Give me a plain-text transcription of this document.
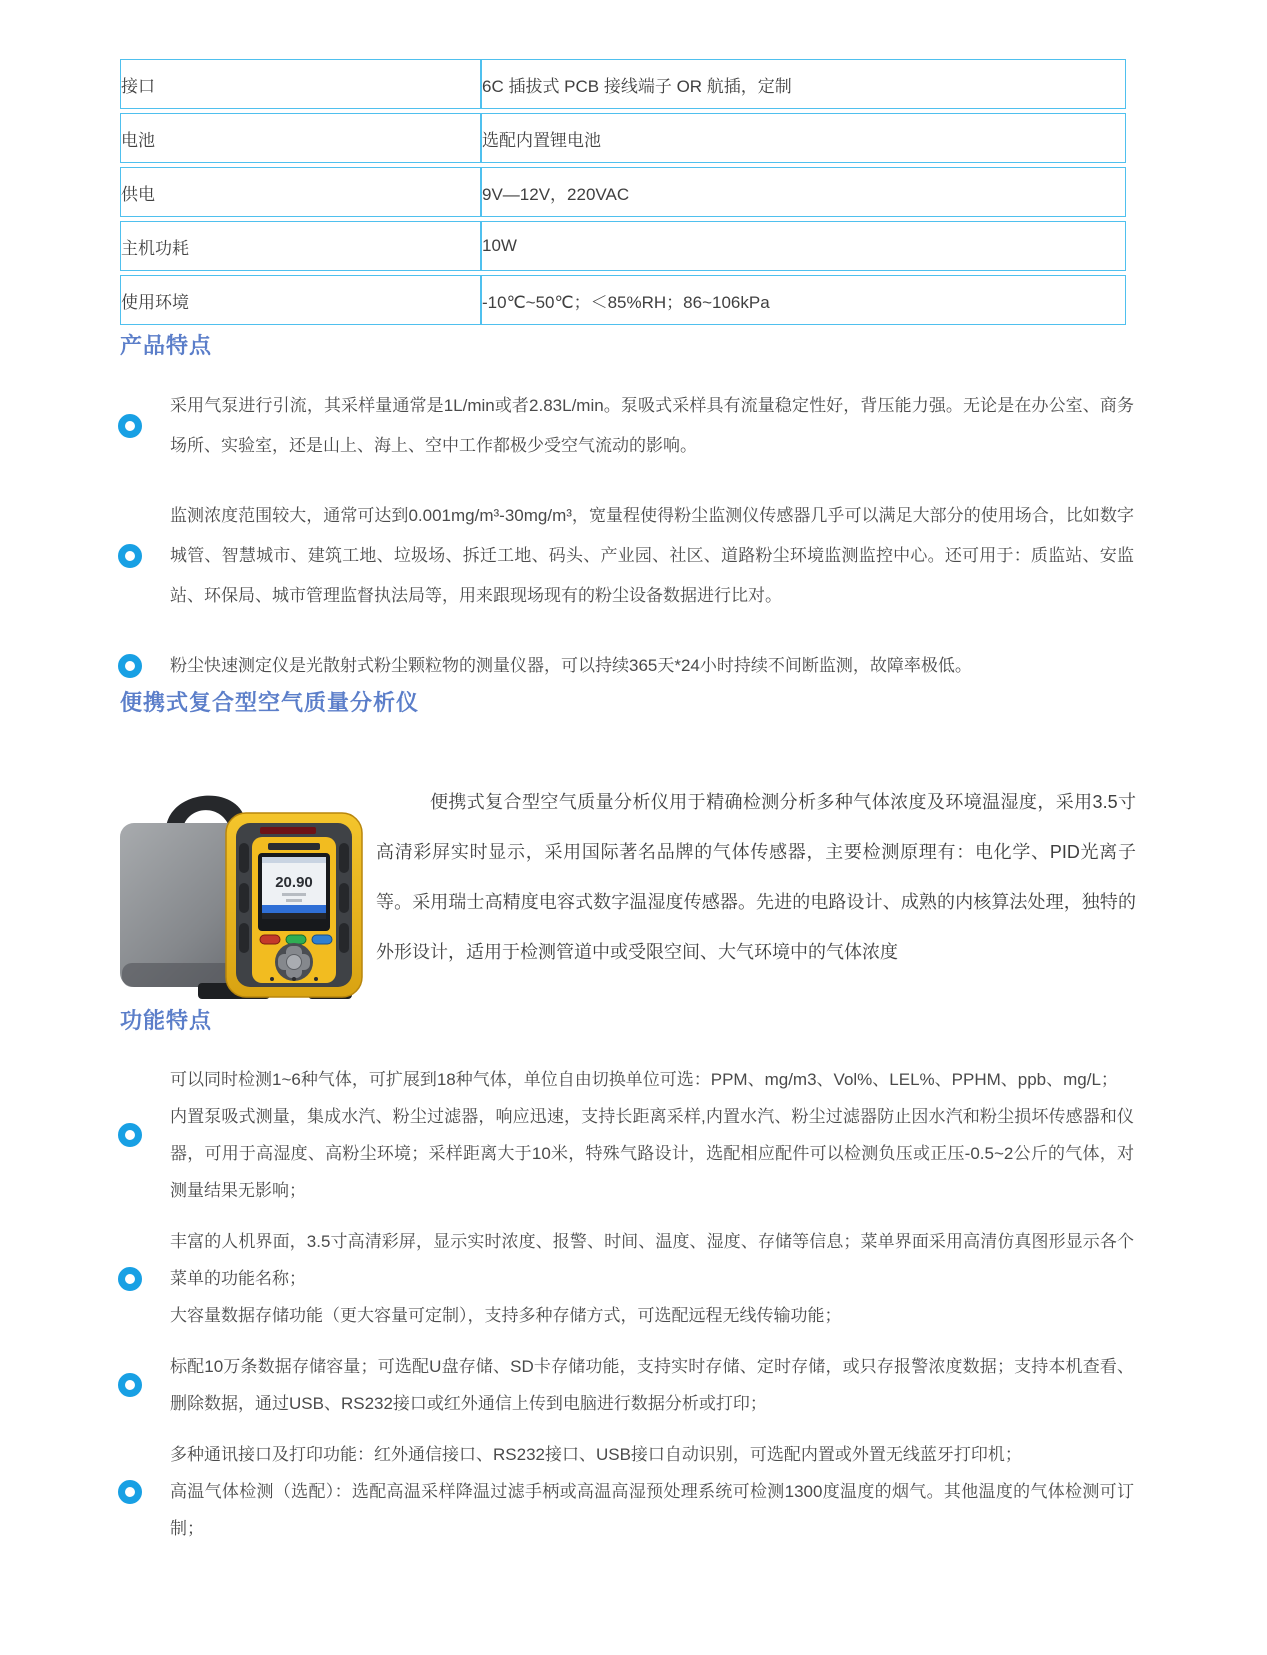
接口	6C 插拔式 PCB 接线端子 OR 航插，定制
电池	选配内置锂电池
供电	9V—12V，220VAC
主机功耗	10W
使用环境	-10℃~50℃；＜85%RH；86~106kPa
产品特点

采用气泵进行引流，其采样量通常是1L/min或者2.83L/min。泵吸式采样具有流量稳定性好，背压能力强。无论是在办公室、商务场所、实验室，还是山上、海上、空中工作都极少受空气流动的影响。

监测浓度范围较大，通常可达到0.001mg/m³-30mg/m³，宽量程使得粉尘监测仪传感器几乎可以满足大部分的使用场合，比如数字城管、智慧城市、建筑工地、垃圾场、拆迁工地、码头、产业园、社区、道路粉尘环境监测监控中心。还可用于：质监站、安监站、环保局、城市管理监督执法局等，用来跟现场现有的粉尘设备数据进行比对。

粉尘快速测定仪是光散射式粉尘颗粒物的测量仪器，可以持续365天*24小时持续不间断监测，故障率极低。

便携式复合型空气质量分析仪
20.90

便携式复合型空气质量分析仪用于精确检测分析多种气体浓度及环境温湿度，采用3.5寸高清彩屏实时显示，采用国际著名品牌的气体传感器，主要检测原理有：电化学、PID光离子等。采用瑞士高精度电容式数字温湿度传感器。先进的电路设计、成熟的内核算法处理，独特的外形设计，适用于检测管道中或受限空间、大气环境中的气体浓度

功能特点

可以同时检测1~6种气体，可扩展到18种气体，单位自由切换单位可选：PPM、mg/m3、Vol%、LEL%、PPHM、ppb、mg/L；

内置泵吸式测量，集成水汽、粉尘过滤器，响应迅速，支持长距离采样,内置水汽、粉尘过滤器防止因水汽和粉尘损坏传感器和仪器，可用于高湿度、高粉尘环境；采样距离大于10米，特殊气路设计，选配相应配件可以检测负压或正压-0.5~2公斤的气体，对测量结果无影响；

丰富的人机界面，3.5寸高清彩屏，显示实时浓度、报警、时间、温度、湿度、存储等信息；菜单界面采用高清仿真图形显示各个菜单的功能名称；

大容量数据存储功能（更大容量可定制），支持多种存储方式，可选配远程无线传输功能；

标配10万条数据存储容量；可选配U盘存储、SD卡存储功能，支持实时存储、定时存储，或只存报警浓度数据；支持本机查看、删除数据，通过USB、RS232接口或红外通信上传到电脑进行数据分析或打印；

多种通讯接口及打印功能：红外通信接口、RS232接口、USB接口自动识别，可选配内置或外置无线蓝牙打印机；

高温气体检测（选配）：选配高温采样降温过滤手柄或高温高湿预处理系统可检测1300度温度的烟气。其他温度的气体检测可订制；
